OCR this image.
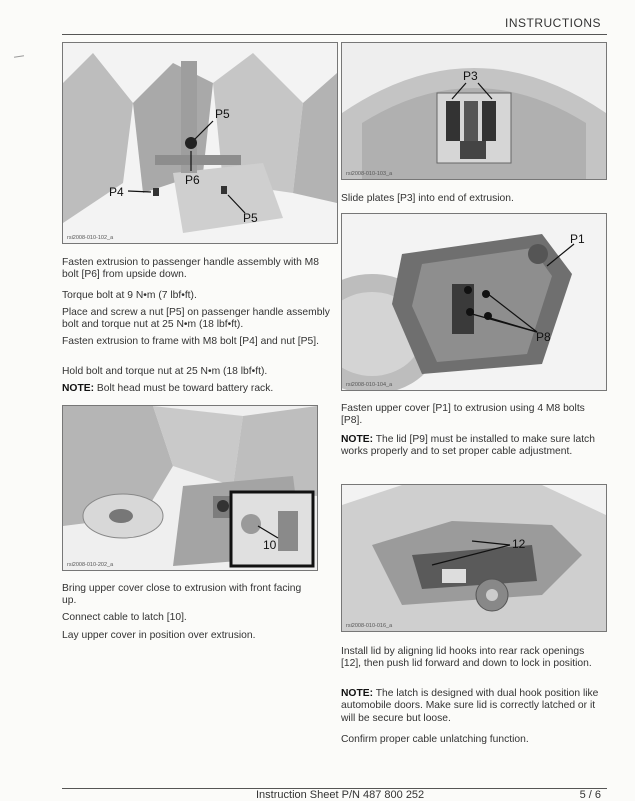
INSTRUCTIONS
P5
P6
P4
P5
rsi2008-010-102_a
Fasten extrusion to passenger handle assembly with M8 bolt [P6] from upside down.
Torque bolt at 9 N•m (7 lbf•ft).
Place and screw a nut [P5] on passenger handle assembly bolt and torque nut at 25 N•m (18 lbf•ft).
Fasten extrusion to frame with M8 bolt [P4] and nut [P5].
Hold bolt and torque nut at 25 N•m (18 lbf•ft).
NOTE: Bolt head must be toward battery rack.
10
rsi2008-010-202_a
Bring upper cover close to extrusion with front facing up.
Connect cable to latch [10].
Lay upper cover in position over extrusion.
P3
rsi2008-010-103_a
Slide plates [P3] into end of extrusion.
P1
P8
rsi2008-010-104_a
Fasten upper cover [P1] to extrusion using 4 M8 bolts [P8].
NOTE: The lid [P9] must be installed to make sure latch works properly and to set proper cable adjustment.
12
rsi2008-010-016_a
Install lid by aligning lid hooks into rear rack openings [12], then push lid forward and down to lock in position.
NOTE: The latch is designed with dual hook position like automobile doors. Make sure lid is correctly latched or it will be secure but loose.
Confirm proper cable unlatching function.
Instruction Sheet P/N 487 800 252	5 / 6
